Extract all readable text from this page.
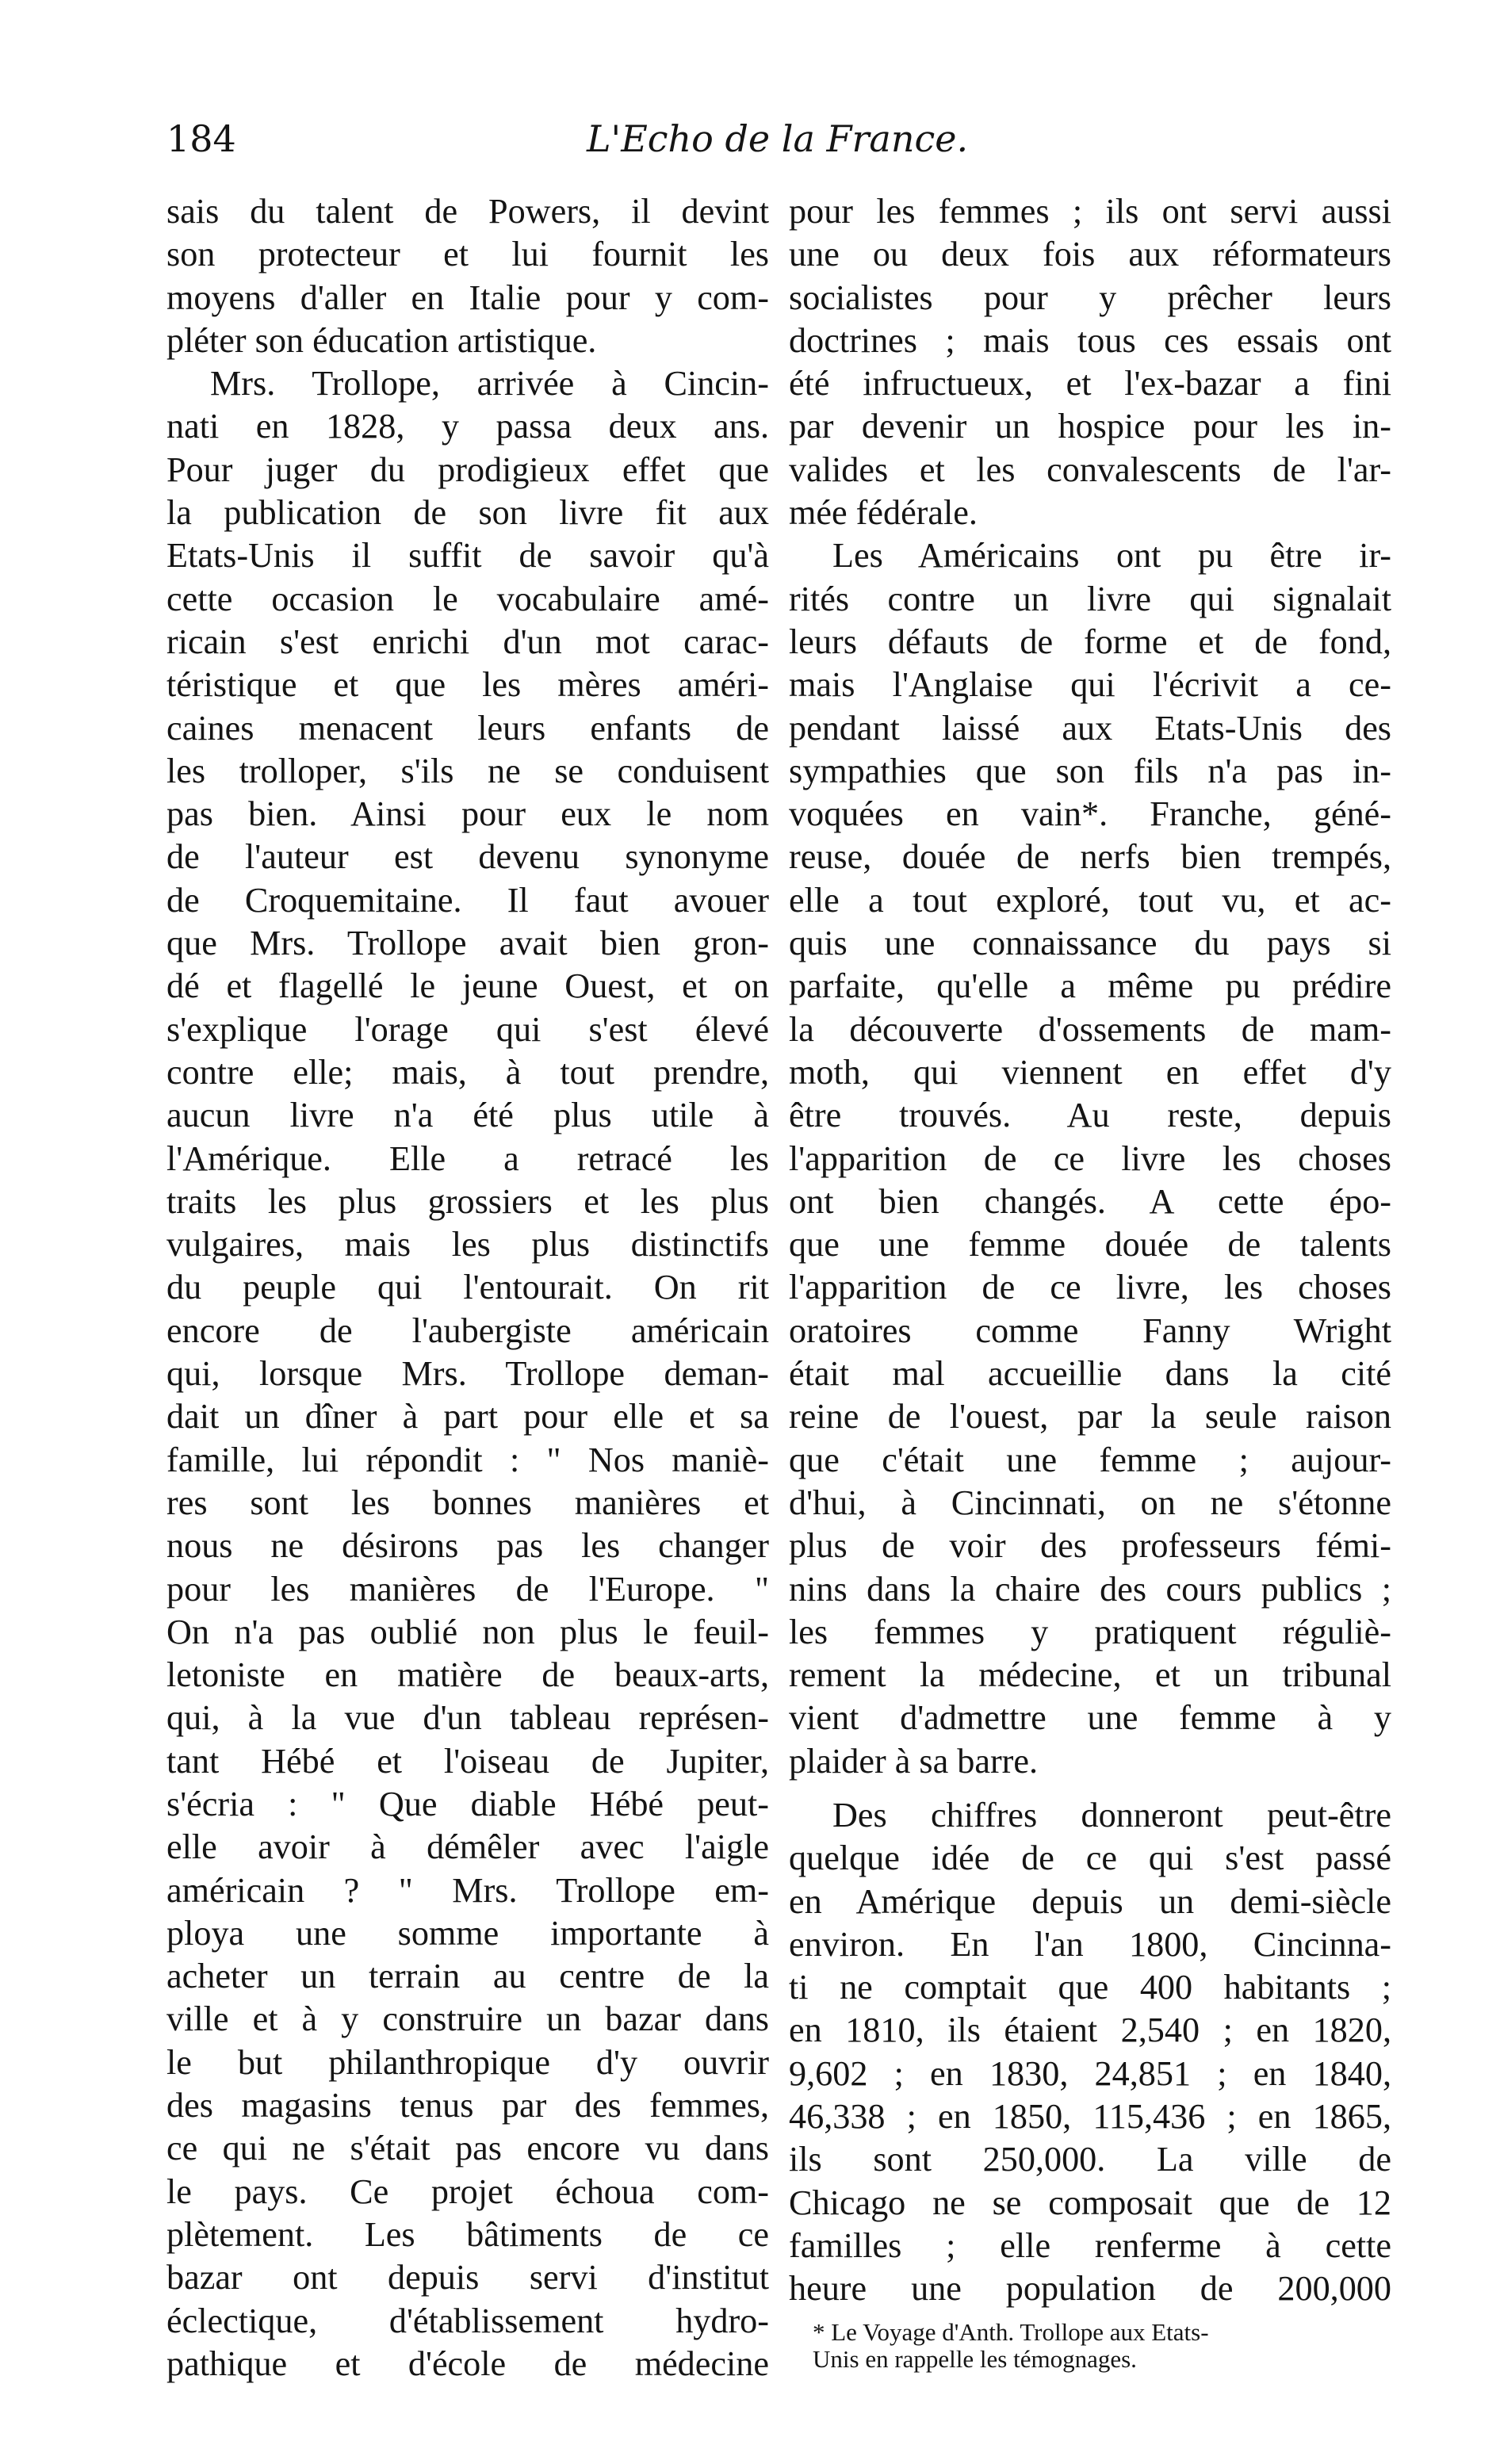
184	L'Echo de la France.
sais du talent de Powers, il devint
son protecteur et lui fournit les
moyens d'aller en Italie pour y com-
pléter son éducation artistique.
Mrs. Trollope, arrivée à Cincin-
nati en 1828, y passa deux ans.
Pour juger du prodigieux effet que
la publication de son livre fit aux
Etats-Unis il suffit de savoir qu'à
cette occasion le vocabulaire amé-
ricain s'est enrichi d'un mot carac-
téristique et que les mères améri-
caines menacent leurs enfants de
les trolloper, s'ils ne se conduisent
pas bien. Ainsi pour eux le nom
de l'auteur est devenu synonyme
de Croquemitaine. Il faut avouer
que Mrs. Trollope avait bien gron-
dé et flagellé le jeune Ouest, et on
s'explique l'orage qui s'est élevé
contre elle; mais, à tout prendre,
aucun livre n'a été plus utile à
l'Amérique. Elle a retracé les
traits les plus grossiers et les plus
vulgaires, mais les plus distinctifs
du peuple qui l'entourait. On rit
encore de l'aubergiste américain
qui, lorsque Mrs. Trollope deman-
dait un dîner à part pour elle et sa
famille, lui répondit : " Nos maniè-
res sont les bonnes manières et
nous ne désirons pas les changer
pour les manières de l'Europe. "
On n'a pas oublié non plus le feuil-
letoniste en matière de beaux-arts,
qui, à la vue d'un tableau représen-
tant Hébé et l'oiseau de Jupiter,
s'écria : " Que diable Hébé peut-
elle avoir à démêler avec l'aigle
américain ? " Mrs. Trollope em-
ploya une somme importante à
acheter un terrain au centre de la
ville et à y construire un bazar dans
le but philanthropique d'y ouvrir
des magasins tenus par des femmes,
ce qui ne s'était pas encore vu dans
le pays. Ce projet échoua com-
plètement. Les bâtiments de ce
bazar ont depuis servi d'institut
éclectique, d'établissement hydro-
pathique et d'école de médecine
pour les femmes ; ils ont servi aussi
une ou deux fois aux réformateurs
socialistes pour y prêcher leurs
doctrines ; mais tous ces essais ont
été infructueux, et l'ex-bazar a fini
par devenir un hospice pour les in-
valides et les convalescents de l'ar-
mée fédérale.
Les Américains ont pu être ir-
rités contre un livre qui signalait
leurs défauts de forme et de fond,
mais l'Anglaise qui l'écrivit a ce-
pendant laissé aux Etats-Unis des
sympathies que son fils n'a pas in-
voquées en vain*. Franche, géné-
reuse, douée de nerfs bien trempés,
elle a tout exploré, tout vu, et ac-
quis une connaissance du pays si
parfaite, qu'elle a même pu prédire
la découverte d'ossements de mam-
moth, qui viennent en effet d'y
être trouvés. Au reste, depuis
l'apparition de ce livre les choses
ont bien changés. A cette épo-
que une femme douée de talents
l'apparition de ce livre, les choses
oratoires comme Fanny Wright
était mal accueillie dans la cité
reine de l'ouest, par la seule raison
que c'était une femme ; aujour-
d'hui, à Cincinnati, on ne s'étonne
plus de voir des professeurs fémi-
nins dans la chaire des cours publics ;
les femmes y pratiquent réguliè-
rement la médecine, et un tribunal
vient d'admettre une femme à y
plaider à sa barre.
Des chiffres donneront peut-être
quelque idée de ce qui s'est passé
en Amérique depuis un demi-siècle
environ. En l'an 1800, Cincinna-
ti ne comptait que 400 habitants ;
en 1810, ils étaient 2,540 ; en 1820,
9,602 ; en 1830, 24,851 ; en 1840,
46,338 ; en 1850, 115,436 ; en 1865,
ils sont 250,000. La ville de
Chicago ne se composait que de 12
familles ; elle renferme à cette
heure une population de 200,000
* Le Voyage d'Anth. Trollope aux Etats-
Unis en rappelle les témognages.
